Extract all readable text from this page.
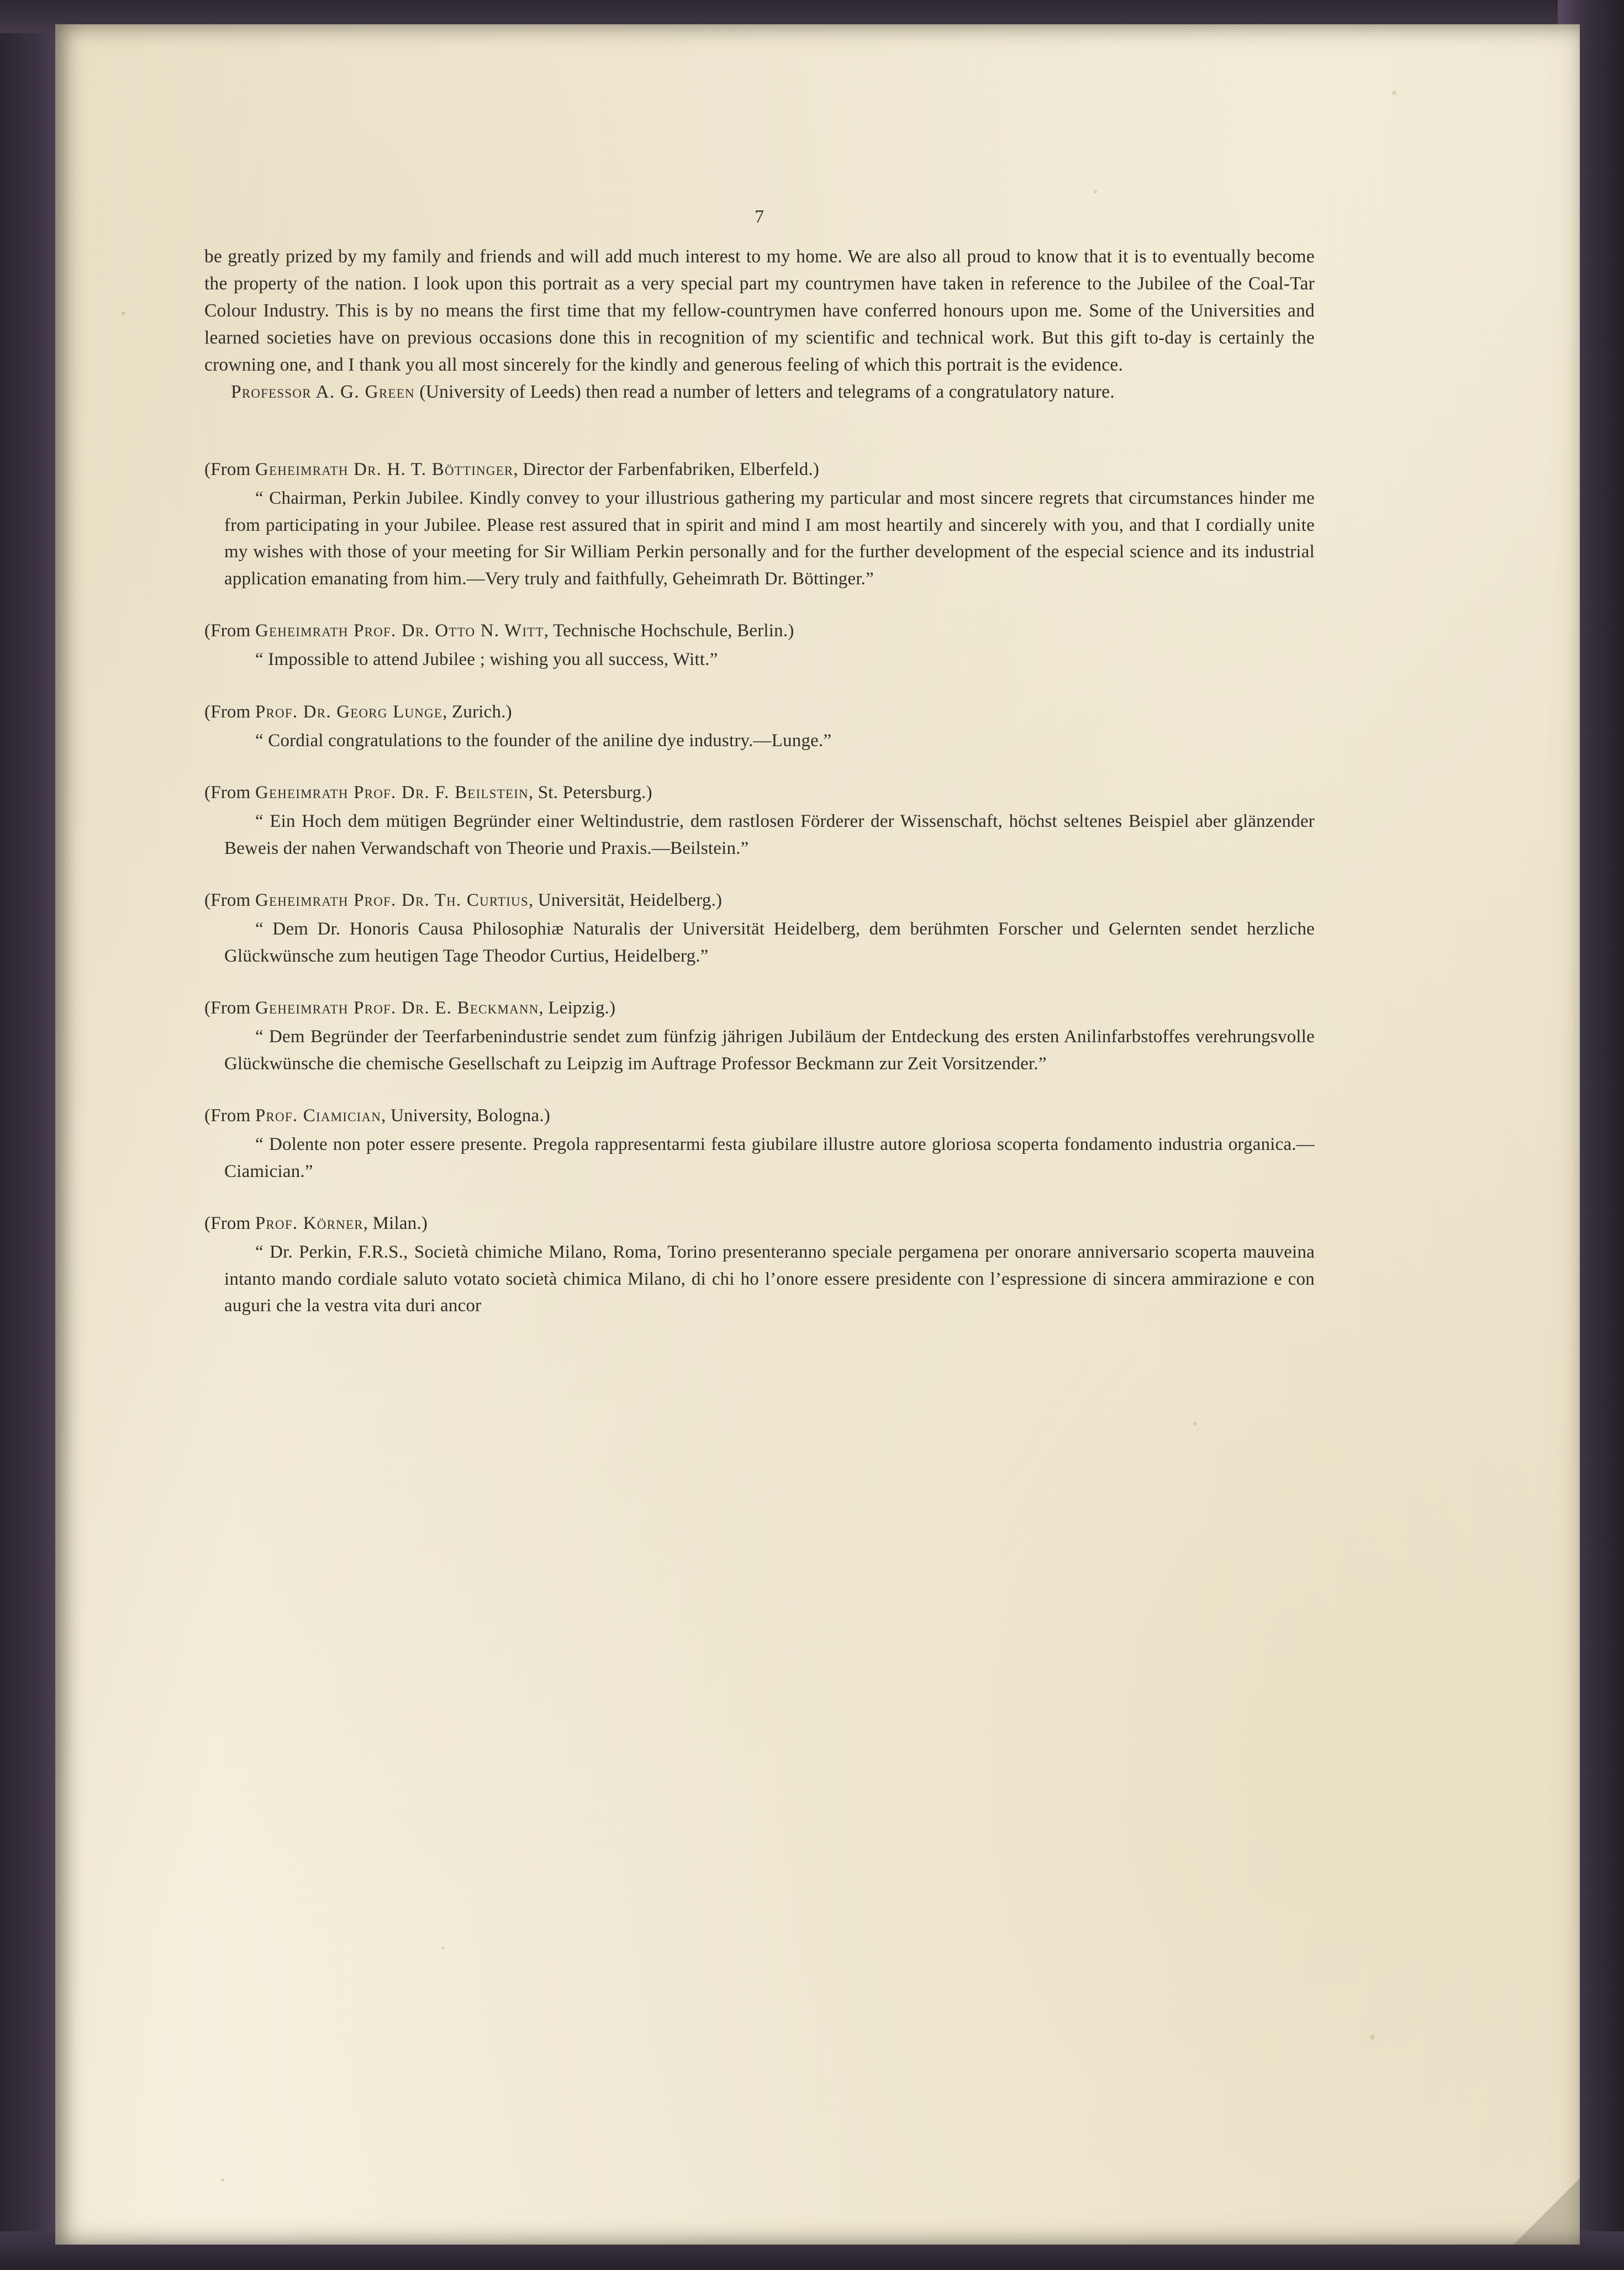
7

be greatly prized by my family and friends and will add much interest to my home. We are also all proud to know that it is to eventually become the property of the nation. I look upon this portrait as a very special part my countrymen have taken in reference to the Jubilee of the Coal-Tar Colour Industry. This is by no means the first time that my fellow-countrymen have conferred honours upon me. Some of the Universities and learned societies have on previous occasions done this in recognition of my scientific and technical work. But this gift to-day is certainly the crowning one, and I thank you all most sincerely for the kindly and generous feeling of which this portrait is the evidence.

Professor A. G. Green (University of Leeds) then read a number of letters and telegrams of a congratulatory nature.

(From Geheimrath Dr. H. T. Böttinger, Director der Farbenfabriken, Elberfeld.)

“ Chairman, Perkin Jubilee. Kindly convey to your illustrious gathering my particular and most sincere regrets that circumstances hinder me from participating in your Jubilee. Please rest assured that in spirit and mind I am most heartily and sincerely with you, and that I cordially unite my wishes with those of your meeting for Sir William Perkin personally and for the further development of the especial science and its industrial application emanating from him.—Very truly and faithfully, Geheimrath Dr. Böttinger.”

(From Geheimrath Prof. Dr. Otto N. Witt, Technische Hochschule, Berlin.)

“ Impossible to attend Jubilee ; wishing you all success, Witt.”

(From Prof. Dr. Georg Lunge, Zurich.)

“ Cordial congratulations to the founder of the aniline dye industry.—Lunge.”

(From Geheimrath Prof. Dr. F. Beilstein, St. Petersburg.)

“ Ein Hoch dem mütigen Begründer einer Weltindustrie, dem rastlosen Förderer der Wissenschaft, höchst seltenes Beispiel aber glänzender Beweis der nahen Verwandschaft von Theorie und Praxis.—Beilstein.”

(From Geheimrath Prof. Dr. Th. Curtius, Universität, Heidelberg.)

“ Dem Dr. Honoris Causa Philosophiæ Naturalis der Universität Heidelberg, dem berühmten Forscher und Gelernten sendet herzliche Glückwünsche zum heutigen Tage Theodor Curtius, Heidelberg.”

(From Geheimrath Prof. Dr. E. Beckmann, Leipzig.)

“ Dem Begründer der Teerfarbenindustrie sendet zum fünfzig jährigen Jubiläum der Entdeckung des ersten Anilinfarbstoffes verehrungsvolle Glückwünsche die chemische Gesellschaft zu Leipzig im Auftrage Professor Beckmann zur Zeit Vorsitzender.”

(From Prof. Ciamician, University, Bologna.)

“ Dolente non poter essere presente. Pregola rappresentarmi festa giubilare illustre autore gloriosa scoperta fondamento industria organica.—Ciamician.”

(From Prof. Körner, Milan.)

“ Dr. Perkin, F.R.S., Società chimiche Milano, Roma, Torino presenteranno speciale pergamena per onorare anniversario scoperta mauveina intanto mando cordiale saluto votato società chimica Milano, di chi ho l’onore essere presidente con l’espressione di sincera ammirazione e con auguri che la vestra vita duri ancor
